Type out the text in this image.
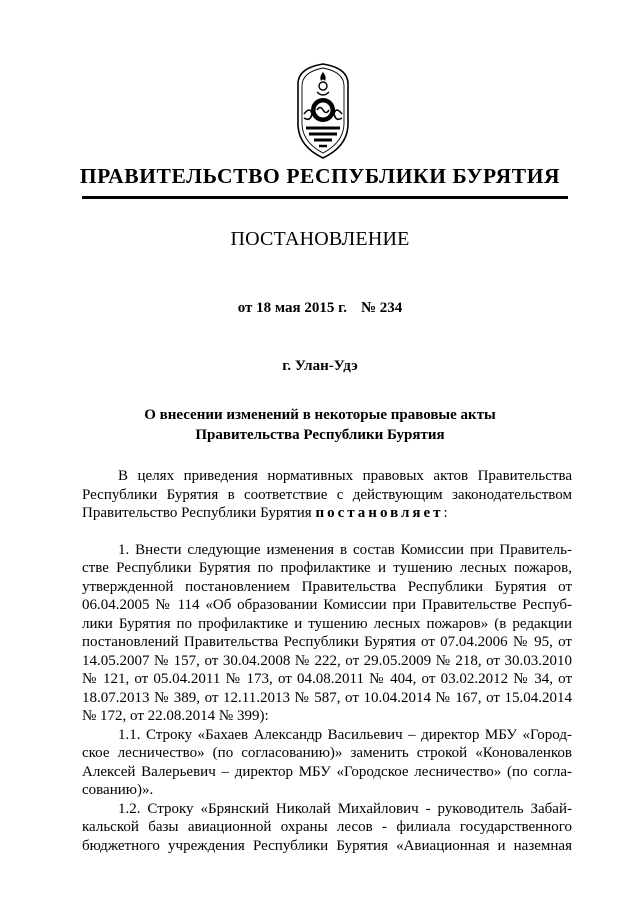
ПРАВИТЕЛЬСТВО РЕСПУБЛИКИ БУРЯТИЯ
ПОСТАНОВЛЕНИЕ
от 18 мая 2015 г. № 234
г. Улан-Удэ
О внесении изменений в некоторые правовые акты
Правительства Республики Бурятия
В целях приведения нормативных правовых актов Правительства
Республики Бурятия в соответствие с действующим законодательством
Правительство Республики Бурятия постановляет:
1. Внести следующие изменения в состав Комиссии при Правитель-
стве Республики Бурятия по профилактике и тушению лесных пожаров,
утвержденной постановлением Правительства Республики Бурятия от
06.04.2005 № 114 «Об образовании Комиссии при Правительстве Респуб-
лики Бурятия по профилактике и тушению лесных пожаров» (в редакции
постановлений Правительства Республики Бурятия от 07.04.2006 № 95, от
14.05.2007 № 157, от 30.04.2008 № 222, от 29.05.2009 № 218, от 30.03.2010
№ 121, от 05.04.2011 № 173, от 04.08.2011 № 404, от 03.02.2012 № 34, от
18.07.2013 № 389, от 12.11.2013 № 587, от 10.04.2014 № 167, от 15.04.2014
№ 172, от 22.08.2014 № 399):
1.1. Строку «Бахаев Александр Васильевич – директор МБУ «Город-
ское лесничество» (по согласованию)» заменить строкой «Коноваленков
Алексей Валерьевич – директор МБУ «Городское лесничество» (по согла-
сованию)».
1.2. Строку «Брянский Николай Михайлович - руководитель Забай-
кальской базы авиационной охраны лесов - филиала государственного
бюджетного учреждения Республики Бурятия «Авиационная и наземная
